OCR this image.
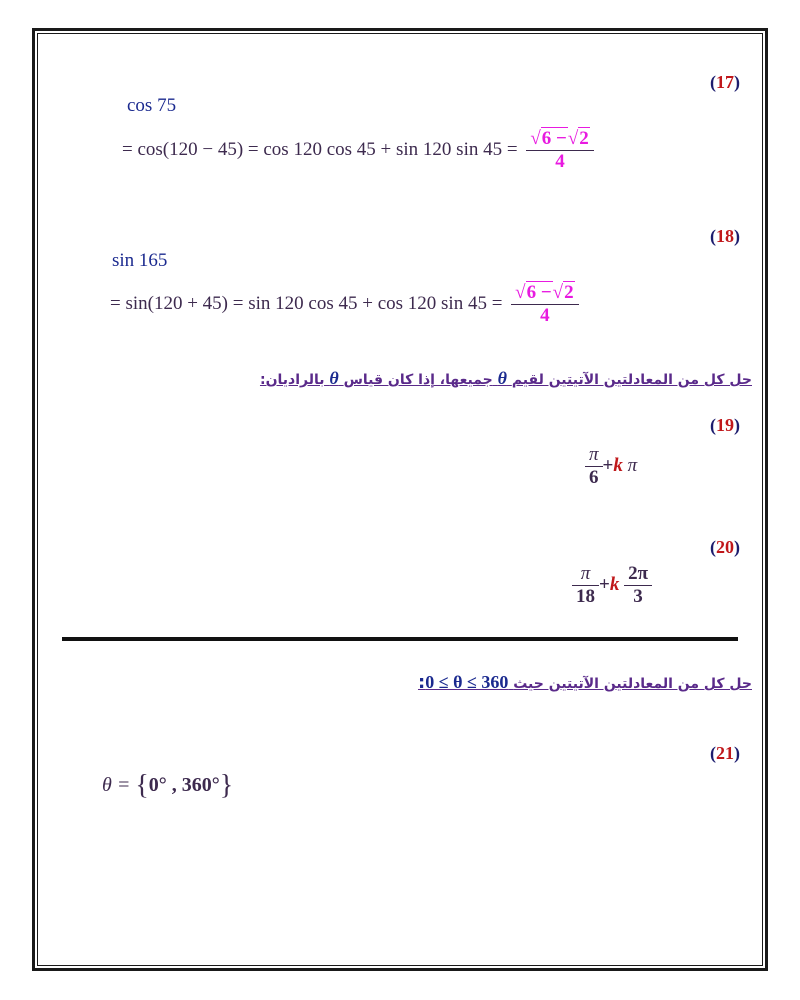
(17)
cos 75
= cos(120 − 45) = cos 120 cos 45 + sin 120 $\sin 45 = \frac{√6 -√2}{4}$
(18)
sin 165
= sin(120 + 45) = sin 120 cos 45 + cos 120 $\sin 45 = \frac{√6 -√2}{4}$
حل كل من المعادلتين الآتيتين لقيم θ جميعها، إذا كان قياس θ بالراديان:
(19)
$\frac{\pi}{6} +k$ π
(20)
$\frac{\pi}{18} +k \frac{2\pi}{3}$
حل كل من المعادلتين الآتيتين حيث 0 ≤ θ ≤ 360:
(21)
θ = {0° , 360°}
